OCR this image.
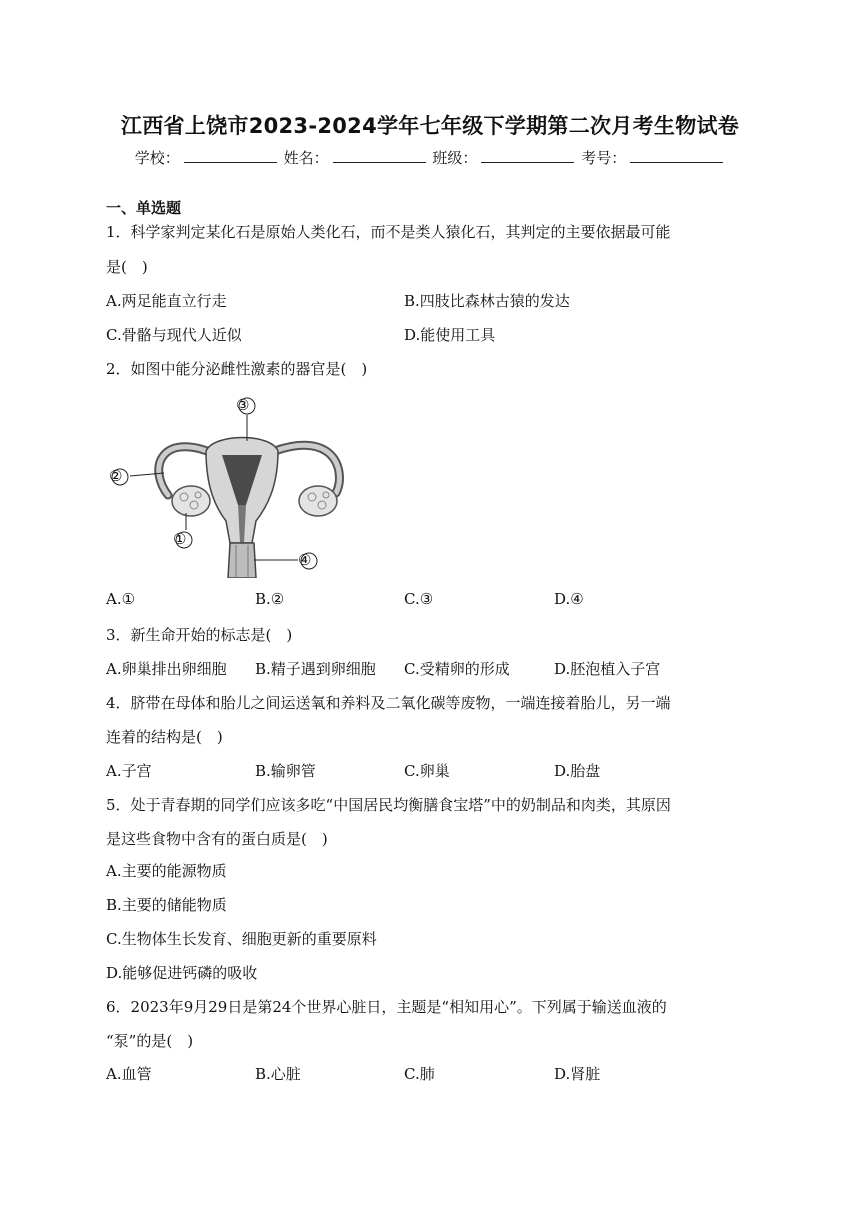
江西省上饶市2023-2024学年七年级下学期第二次月考生物试卷
学校：	姓名：	班级：	考号：
一、单选题
1．科学家判定某化石是原始人类化石，而不是类人猿化石，其判定的主要依据最可能
是(　)
A.两足能直立行走	B.四肢比森林古猿的发达
C.骨骼与现代人近似	D.能使用工具
2．如图中能分泌雌性激素的器官是(　)
③
②
①
④
A.①	B.②	C.③	D.④
3．新生命开始的标志是(　)
A.卵巢排出卵细胞 B.精子遇到卵细胞 C.受精卵的形成	D.胚泡植入子宫
4．脐带在母体和胎儿之间运送氧和养料及二氧化碳等废物，一端连接着胎儿，另一端
连着的结构是(　)
A.子宫	B.输卵管	C.卵巢	D.胎盘
5．处于青春期的同学们应该多吃“中国居民均衡膳食宝塔”中的奶制品和肉类，其原因
是这些食物中含有的蛋白质是(　)
A.主要的能源物质
B.主要的储能物质
C.生物体生长发育、细胞更新的重要原料
D.能够促进钙磷的吸收
6．2023年9月29日是第24个世界心脏日，主题是“相知用心”。下列属于输送血液的
“泵”的是(　)
A.血管	B.心脏	C.肺	D.肾脏
